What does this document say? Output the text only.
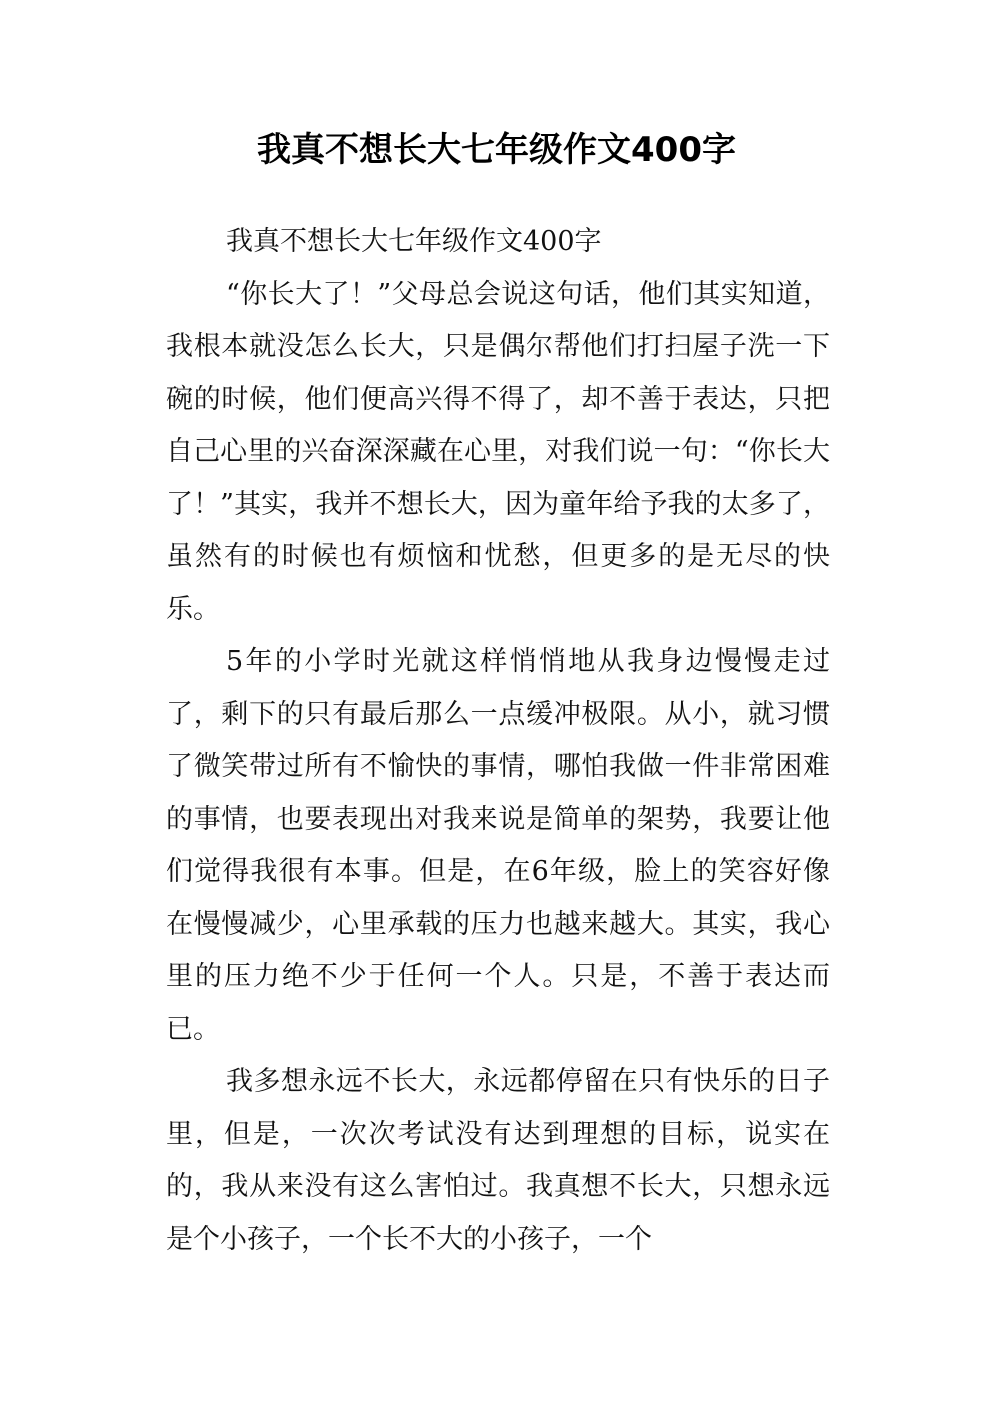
我真不想长大七年级作文400字

我真不想长大七年级作文400字

“你长大了！”父母总会说这句话，他们其实知道，我根本就没怎么长大，只是偶尔帮他们打扫屋子洗一下碗的时候，他们便高兴得不得了，却不善于表达，只把自己心里的兴奋深深藏在心里，对我们说一句：“你长大了！”其实，我并不想长大，因为童年给予我的太多了，虽然有的时候也有烦恼和忧愁，但更多的是无尽的快乐。

5年的小学时光就这样悄悄地从我身边慢慢走过了，剩下的只有最后那么一点缓冲极限。从小，就习惯了微笑带过所有不愉快的事情，哪怕我做一件非常困难的事情，也要表现出对我来说是简单的架势，我要让他们觉得我很有本事。但是，在6年级，脸上的笑容好像在慢慢减少，心里承载的压力也越来越大。其实，我心里的压力绝不少于任何一个人。只是，不善于表达而已。

我多想永远不长大，永远都停留在只有快乐的日子里，但是，一次次考试没有达到理想的目标，说实在的，我从来没有这么害怕过。我真想不长大，只想永远是个小孩子，一个长不大的小孩子，一个
